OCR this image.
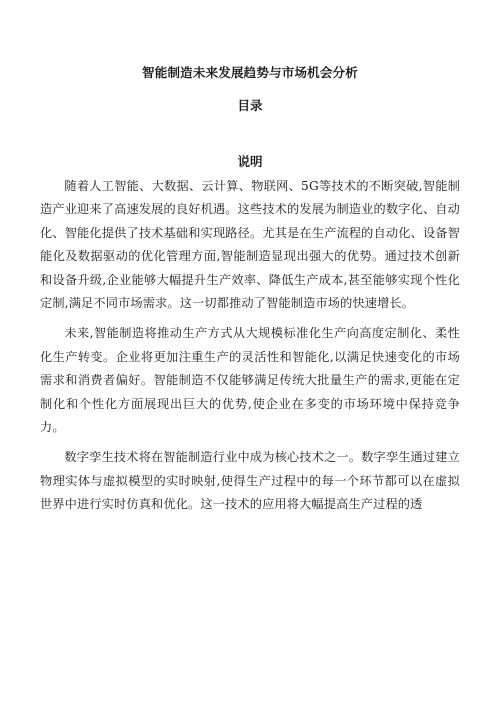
智能制造未来发展趋势与市场机会分析
目录
说明

随着人工智能、大数据、云计算、物联网、5G等技术的不断突破,智能制造产业迎来了高速发展的良好机遇。这些技术的发展为制造业的数字化、自动化、智能化提供了技术基础和实现路径。尤其是在生产流程的自动化、设备智能化及数据驱动的优化管理方面,智能制造显现出强大的优势。通过技术创新和设备升级,企业能够大幅提升生产效率、降低生产成本,甚至能够实现个性化定制,满足不同市场需求。这一切都推动了智能制造市场的快速增长。

未来,智能制造将推动生产方式从大规模标准化生产向高度定制化、柔性化生产转变。企业将更加注重生产的灵活性和智能化,以满足快速变化的市场需求和消费者偏好。智能制造不仅能够满足传统大批量生产的需求,更能在定制化和个性化方面展现出巨大的优势,使企业在多变的市场环境中保持竞争力。

数字孪生技术将在智能制造行业中成为核心技术之一。数字孪生通过建立物理实体与虚拟模型的实时映射,使得生产过程中的每一个环节都可以在虚拟世界中进行实时仿真和优化。这一技术的应用将大幅提高生产过程的透
